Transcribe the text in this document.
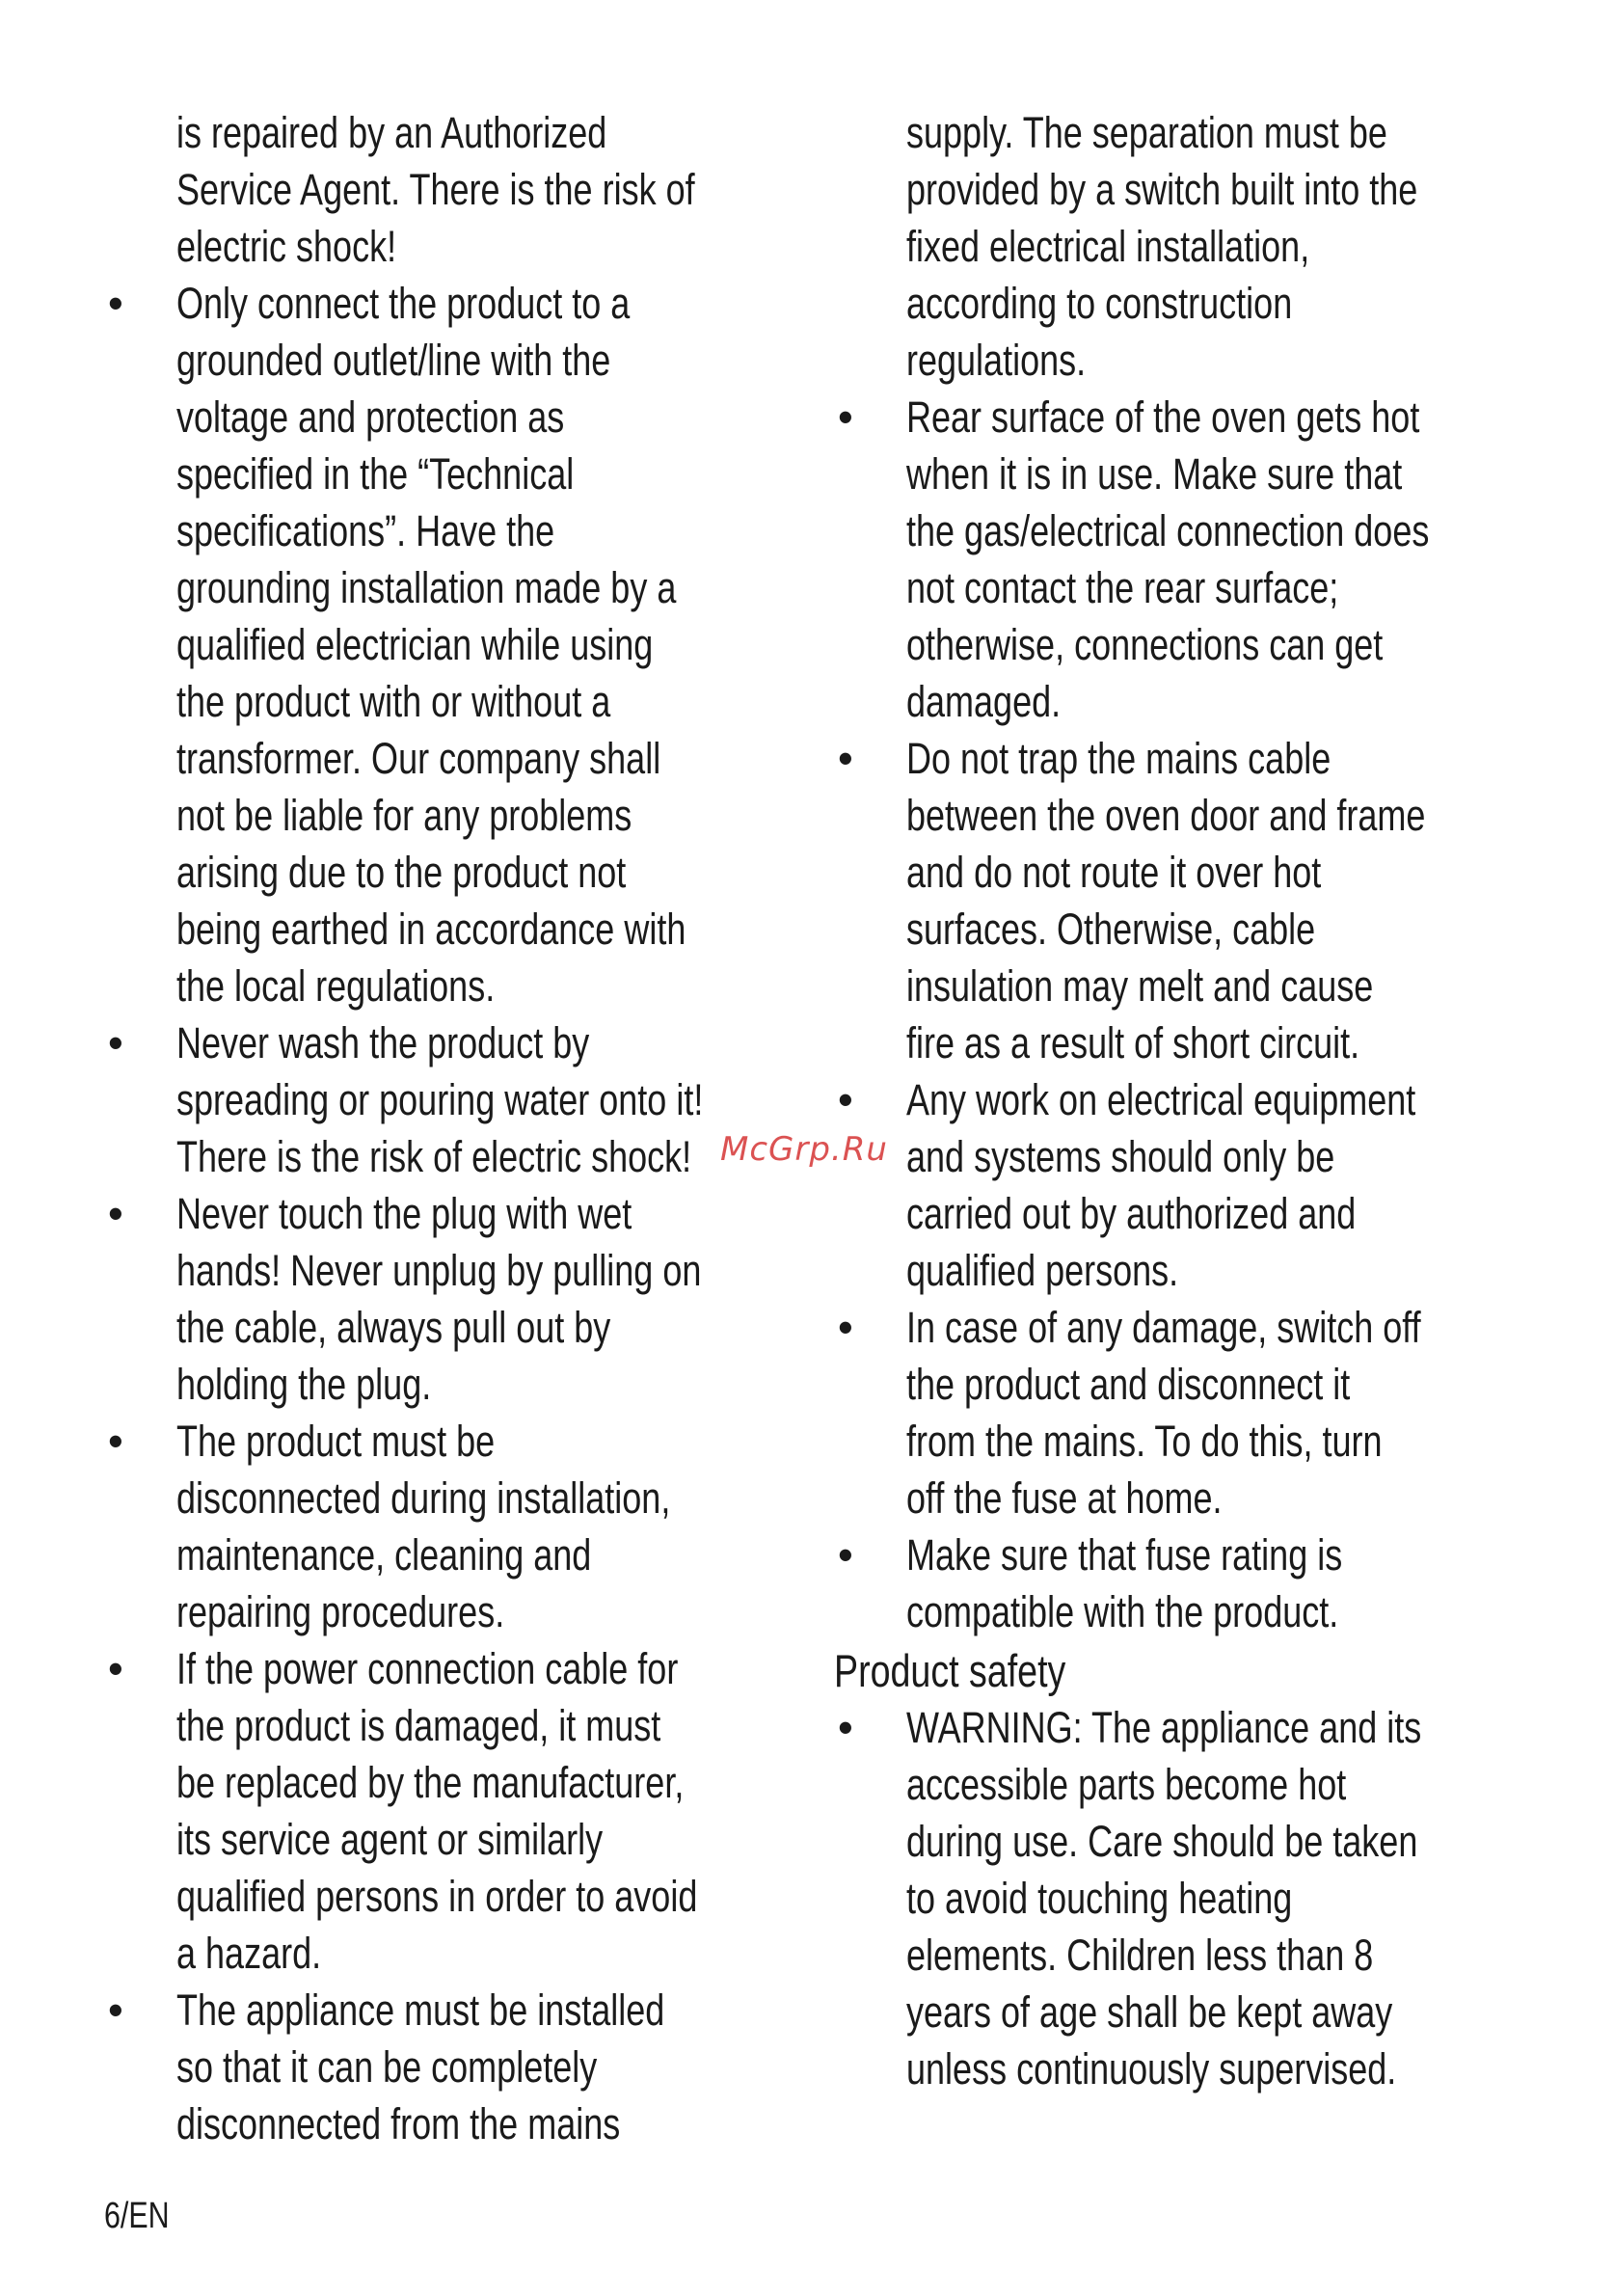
is repaired by an Authorized
Service Agent. There is the risk of
electric shock!
• Only connect the product to a
grounded outlet/line with the
voltage and protection as
specified in the “Technical
specifications”. Have the
grounding installation made by a
qualified electrician while using
the product with or without a
transformer. Our company shall
not be liable for any problems
arising due to the product not
being earthed in accordance with
the local regulations.
• Never wash the product by
spreading or pouring water onto it!
There is the risk of electric shock!
• Never touch the plug with wet
hands! Never unplug by pulling on
the cable, always pull out by
holding the plug.
• The product must be
disconnected during installation,
maintenance, cleaning and
repairing procedures.
• If the power connection cable for
the product is damaged, it must
be replaced by the manufacturer,
its service agent or similarly
qualified persons in order to avoid
a hazard.
• The appliance must be installed
so that it can be completely
disconnected from the mains
supply. The separation must be
provided by a switch built into the
fixed electrical installation,
according to construction
regulations.
• Rear surface of the oven gets hot
when it is in use. Make sure that
the gas/electrical connection does
not contact the rear surface;
otherwise, connections can get
damaged.
• Do not trap the mains cable
between the oven door and frame
and do not route it over hot
surfaces. Otherwise, cable
insulation may melt and cause
fire as a result of short circuit.
• Any work on electrical equipment
and systems should only be
carried out by authorized and
qualified persons.
• In case of any damage, switch off
the product and disconnect it
from the mains. To do this, turn
off the fuse at home.
• Make sure that fuse rating is
compatible with the product.
Product safety
• WARNING: The appliance and its
accessible parts become hot
during use. Care should be taken
to avoid touching heating
elements. Children less than 8
years of age shall be kept away
unless continuously supervised.
McGrp.Ru
6/EN
